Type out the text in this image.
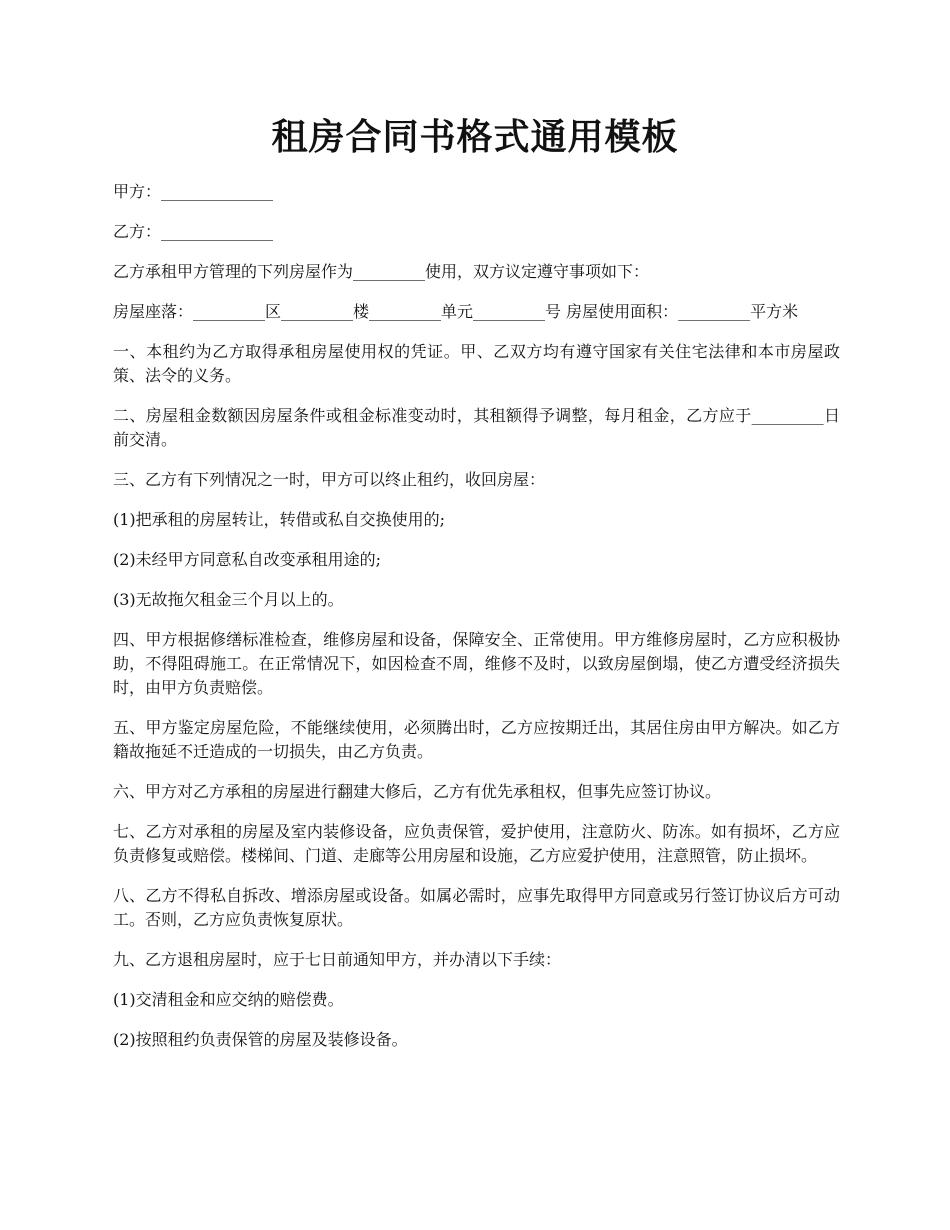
租房合同书格式通用模板

甲方：______________

乙方：______________

乙方承租甲方管理的下列房屋作为_________使用，双方议定遵守事项如下：

房屋座落：_________区_________楼_________单元_________号 房屋使用面积：_________平方米

一、本租约为乙方取得承租房屋使用权的凭证。甲、乙双方均有遵守国家有关住宅法律和本市房屋政策、法令的义务。

二、房屋租金数额因房屋条件或租金标准变动时，其租额得予调整，每月租金，乙方应于_________日前交清。

三、乙方有下列情况之一时，甲方可以终止租约，收回房屋：

(1)把承租的房屋转让，转借或私自交换使用的;

(2)未经甲方同意私自改变承租用途的;

(3)无故拖欠租金三个月以上的。

四、甲方根据修缮标准检查，维修房屋和设备，保障安全、正常使用。甲方维修房屋时，乙方应积极协助，不得阻碍施工。在正常情况下，如因检查不周，维修不及时，以致房屋倒塌，使乙方遭受经济损失时，由甲方负责赔偿。

五、甲方鉴定房屋危险，不能继续使用，必须腾出时，乙方应按期迁出，其居住房由甲方解决。如乙方籍故拖延不迁造成的一切损失，由乙方负责。

六、甲方对乙方承租的房屋进行翻建大修后，乙方有优先承租权，但事先应签订协议。

七、乙方对承租的房屋及室内装修设备，应负责保管，爱护使用，注意防火、防冻。如有损坏，乙方应负责修复或赔偿。楼梯间、门道、走廊等公用房屋和设施，乙方应爱护使用，注意照管，防止损坏。

八、乙方不得私自拆改、增添房屋或设备。如属必需时，应事先取得甲方同意或另行签订协议后方可动工。否则，乙方应负责恢复原状。

九、乙方退租房屋时，应于七日前通知甲方，并办清以下手续：

(1)交清租金和应交纳的赔偿费。

(2)按照租约负责保管的房屋及装修设备。
